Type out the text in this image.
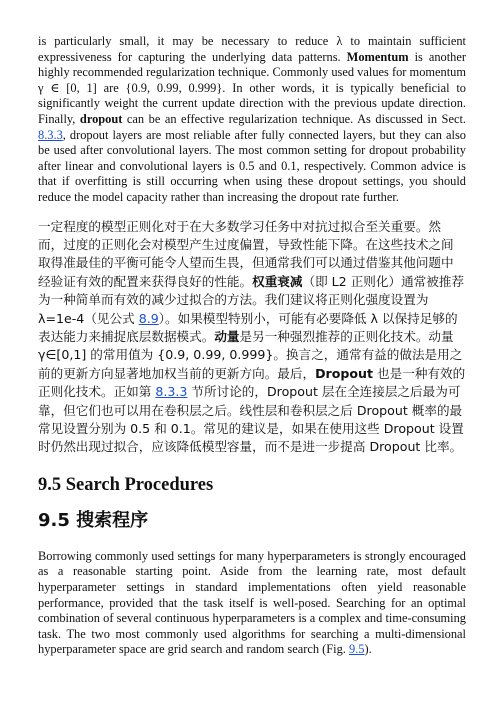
is particularly small, it may be necessary to reduce λ to maintain sufficient expressiveness for capturing the underlying data patterns. Momentum is another highly recommended regularization technique. Commonly used values for momentum γ ∈ [0, 1] are {0.9, 0.99, 0.999}. In other words, it is typically beneficial to significantly weight the current update direction with the previous update direction. Finally, dropout can be an effective regularization technique. As discussed in Sect. 8.3.3, dropout layers are most reliable after fully connected layers, but they can also be used after convolutional layers. The most common setting for dropout probability after linear and convolutional layers is 0.5 and 0.1, respectively. Common advice is that if overfitting is still occurring when using these dropout settings, you should reduce the model capacity rather than increasing the dropout rate further.

一定程度的模型正则化对于在大多数学习任务中对抗过拟合至关重要。然而，过度的正则化会对模型产生过度偏置，导致性能下降。在这些技术之间取得准最佳的平衡可能令人望而生畏，但通常我们可以通过借鉴其他问题中经验证有效的配置来获得良好的性能。权重衰减（即 L2 正则化）通常被推荐为一种简单而有效的减少过拟合的方法。我们建议将正则化强度设置为 λ=1e-4（见公式 8.9）。如果模型特别小，可能有必要降低 λ 以保持足够的表达能力来捕捉底层数据模式。动量是另一种强烈推荐的正则化技术。动量 γ∈[0,1] 的常用值为 {0.9, 0.99, 0.999}。换言之，通常有益的做法是用之前的更新方向显著地加权当前的更新方向。最后，Dropout 也是一种有效的正则化技术。正如第 8.3.3 节所讨论的，Dropout 层在全连接层之后最为可靠，但它们也可以用在卷积层之后。线性层和卷积层之后 Dropout 概率的最常见设置分别为 0.5 和 0.1。常见的建议是，如果在使用这些 Dropout 设置时仍然出现过拟合，应该降低模型容量，而不是进一步提高 Dropout 比率。

9.5 Search Procedures
9.5 搜索程序

Borrowing commonly used settings for many hyperparameters is strongly encouraged as a reasonable starting point. Aside from the learning rate, most default hyperparameter settings in standard implementations often yield reasonable performance, provided that the task itself is well-posed. Searching for an optimal combination of several continuous hyperparameters is a complex and time-consuming task. The two most commonly used algorithms for searching a multi-dimensional hyperparameter space are grid search and random search (Fig. 9.5).
